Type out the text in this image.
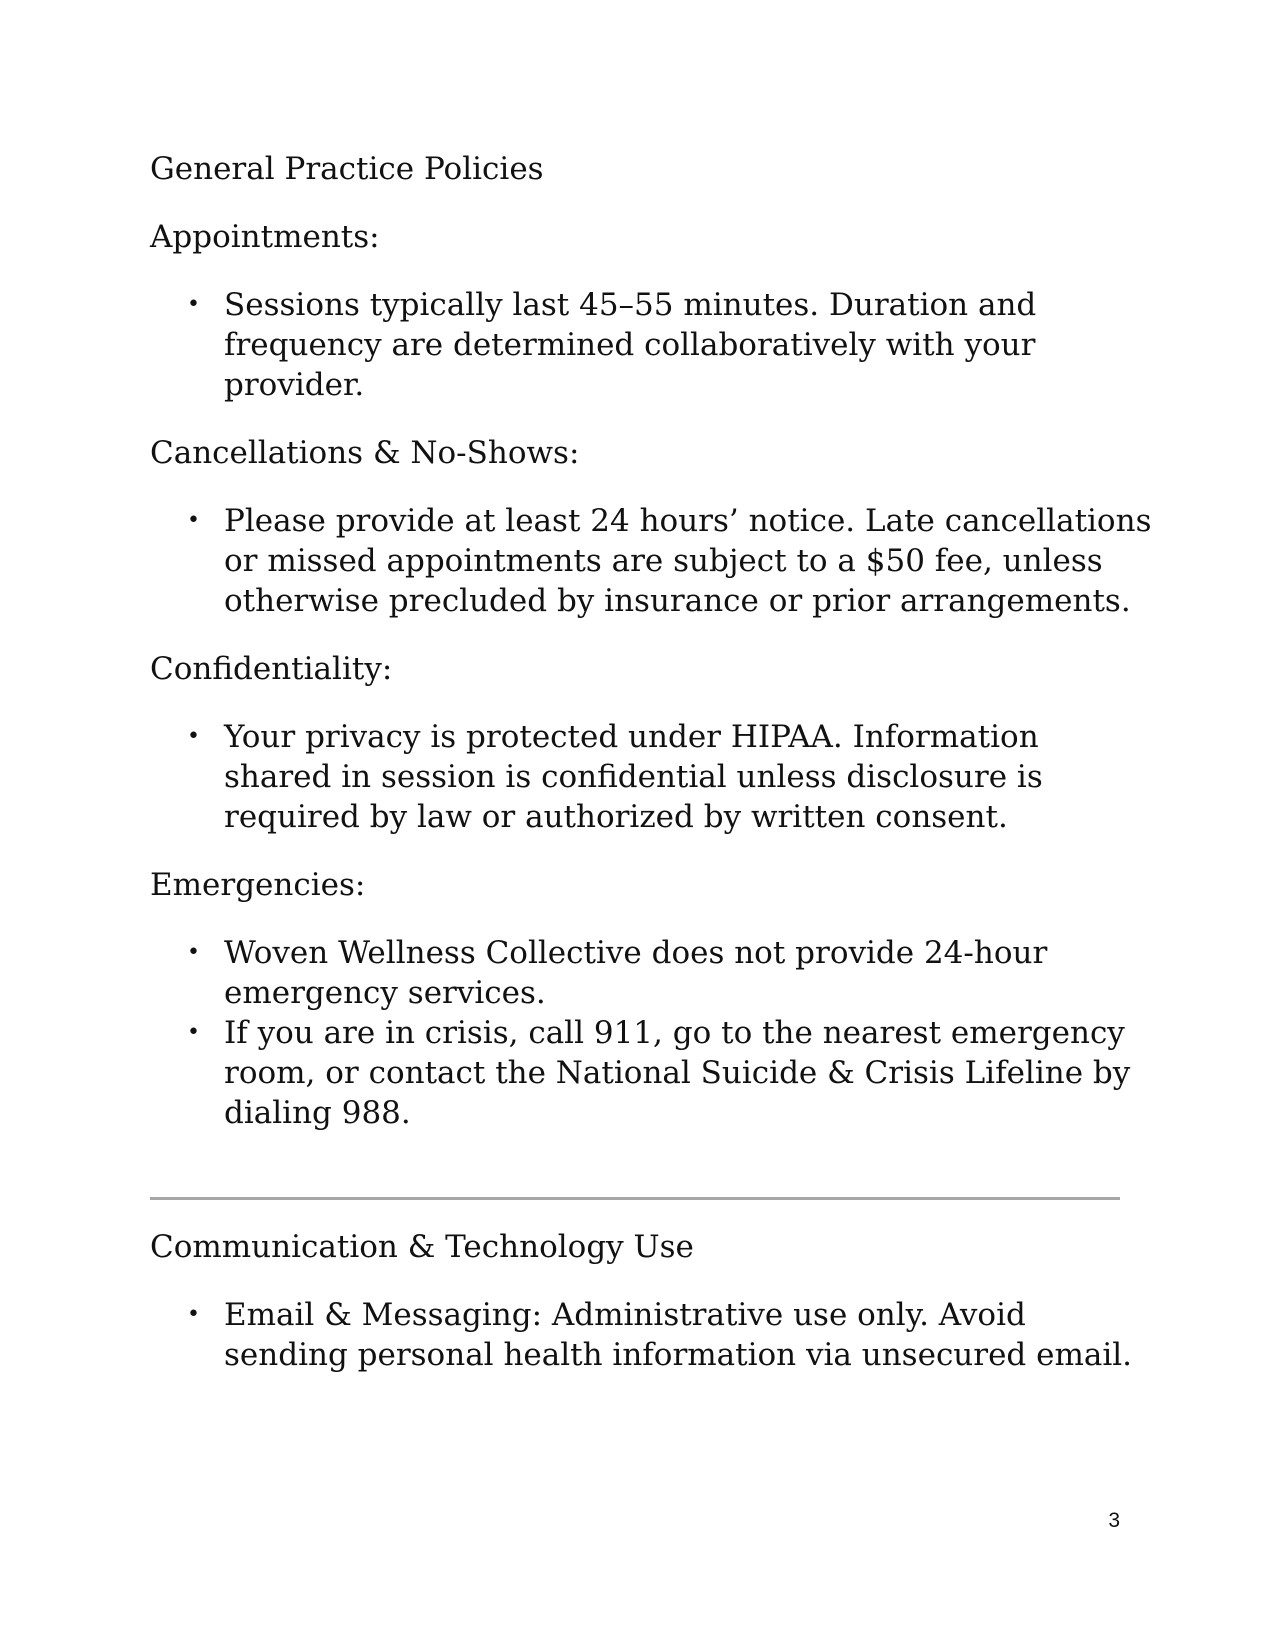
General Practice Policies
Appointments:
• Sessions typically last 45–55 minutes. Duration and
frequency are determined collaboratively with your
provider.
Cancellations & No-Shows:
• Please provide at least 24 hours’ notice. Late cancellations
or missed appointments are subject to a $50 fee, unless
otherwise precluded by insurance or prior arrangements.
Confidentiality:
• Your privacy is protected under HIPAA. Information
shared in session is confidential unless disclosure is
required by law or authorized by written consent.
Emergencies:
• Woven Wellness Collective does not provide 24-hour
emergency services.
• If you are in crisis, call 911, go to the nearest emergency
room, or contact the National Suicide & Crisis Lifeline by
dialing 988.
Communication & Technology Use
• Email & Messaging: Administrative use only. Avoid
sending personal health information via unsecured email.
3
